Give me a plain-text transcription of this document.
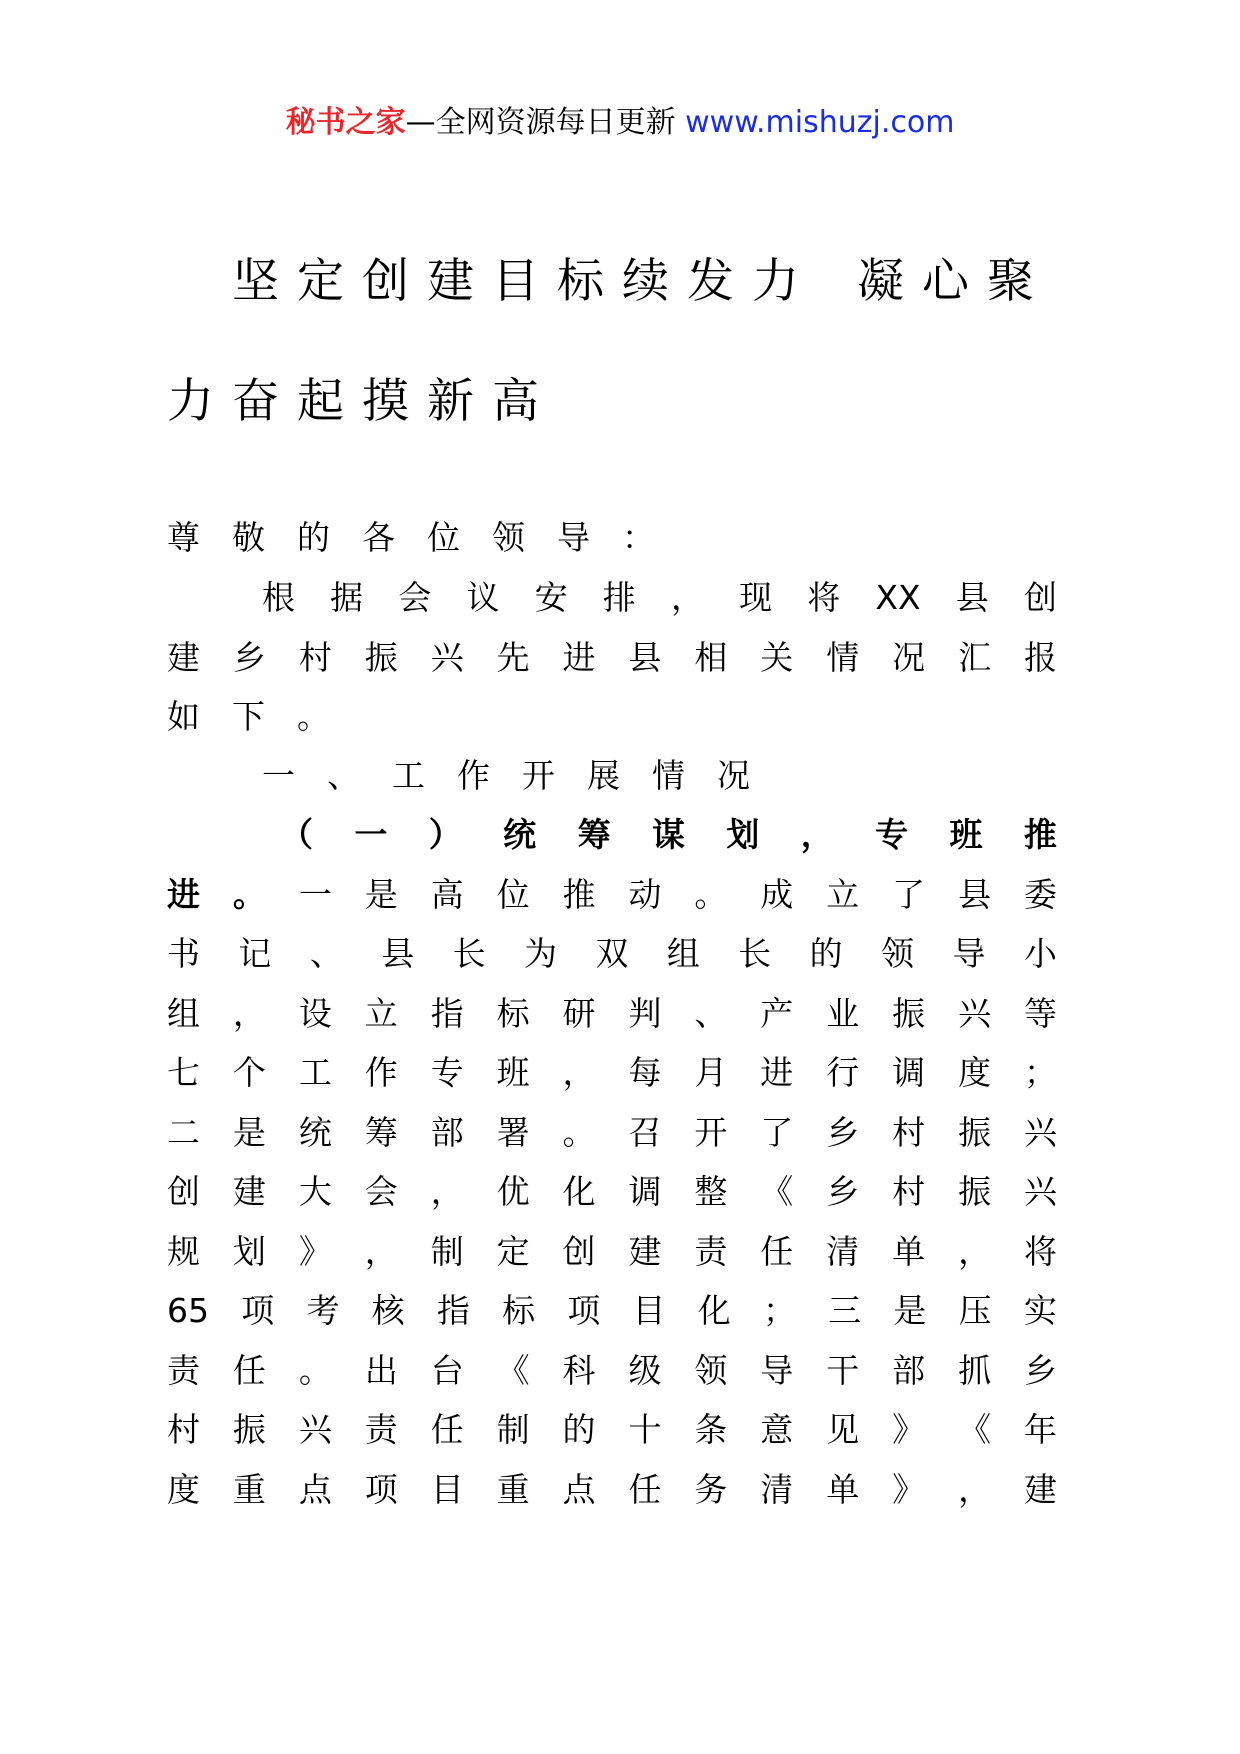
秘书之家—全网资源每日更新 www.mishuzj.com
坚定创建目标续发力 凝心聚
力奋起摸新高
尊 敬 的 各 位 领 导 ：
根 据 会 议 安 排 ， 现 将 XX 县 创
建 乡 村 振 兴 先 进 县 相 关 情 况 汇 报
如 下 。
一 、 工 作 开 展 情 况
（ 一 ） 统 筹 谋 划 ， 专 班 推
进 。 一 是 高 位 推 动 。 成 立 了 县 委
书 记 、 县 长 为 双 组 长 的 领 导 小
组 ， 设 立 指 标 研 判 、 产 业 振 兴 等
七 个 工 作 专 班 ， 每 月 进 行 调 度 ；
二 是 统 筹 部 署 。 召 开 了 乡 村 振 兴
创 建 大 会 ， 优 化 调 整 《 乡 村 振 兴
规 划 》 ， 制 定 创 建 责 任 清 单 ， 将
65 项 考 核 指 标 项 目 化 ； 三 是 压 实
责 任 。 出 台 《 科 级 领 导 干 部 抓 乡
村 振 兴 责 任 制 的 十 条 意 见 》 《 年
度 重 点 项 目 重 点 任 务 清 单 》 ， 建
